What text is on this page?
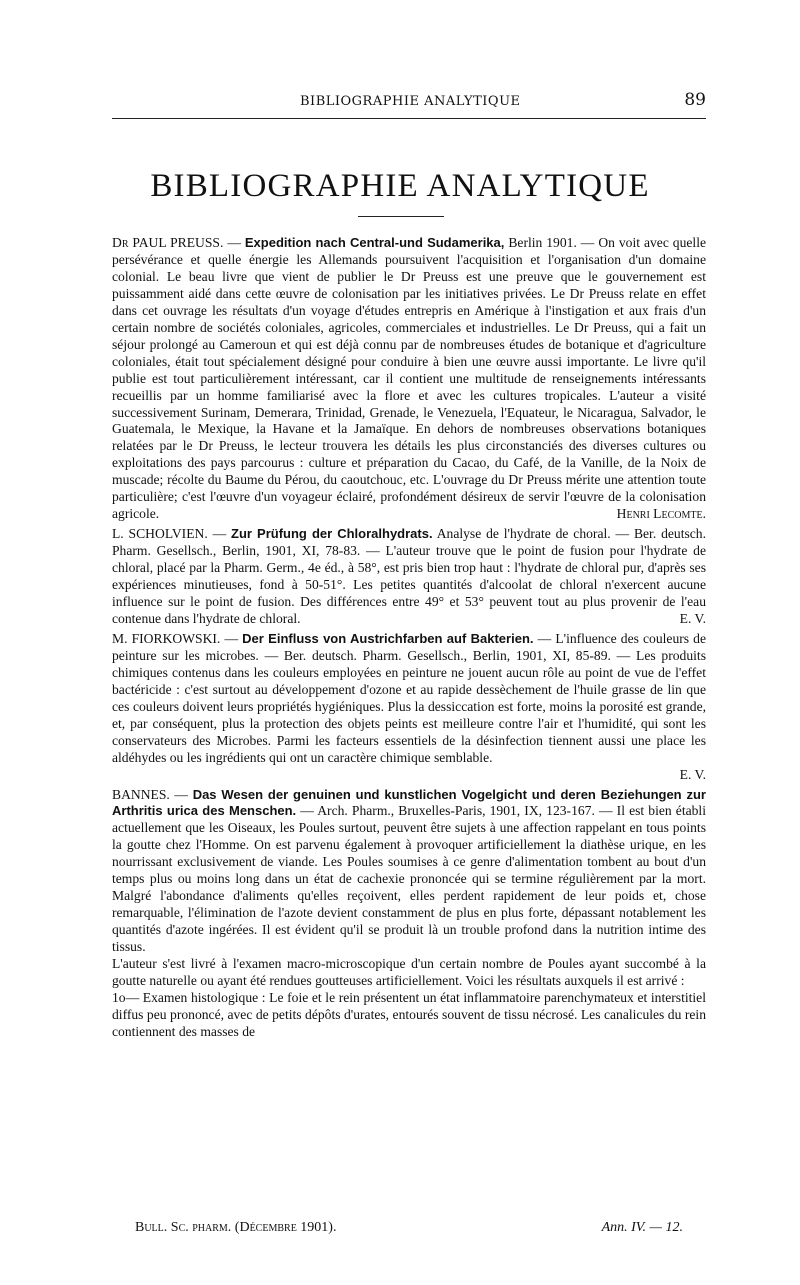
BIBLIOGRAPHIE ANALYTIQUE	89
BIBLIOGRAPHIE ANALYTIQUE

Dr PAUL PREUSS. — Expedition nach Central-und Sudamerika, Berlin 1901. — On voit avec quelle persévérance et quelle énergie les Allemands poursuivent l'acquisition et l'organisation d'un domaine colonial. Le beau livre que vient de publier le Dr Preuss est une preuve que le gouvernement est puissamment aidé dans cette œuvre de colonisation par les initiatives privées. Le Dr Preuss relate en effet dans cet ouvrage les résultats d'un voyage d'études entrepris en Amérique à l'instigation et aux frais d'un certain nombre de sociétés coloniales, agricoles, commerciales et industrielles. Le Dr Preuss, qui a fait un séjour prolongé au Cameroun et qui est déjà connu par de nombreuses études de botanique et d'agriculture coloniales, était tout spécialement désigné pour conduire à bien une œuvre aussi importante. Le livre qu'il publie est tout particulièrement intéressant, car il contient une multitude de renseignements intéressants recueillis par un homme familiarisé avec la flore et avec les cultures tropicales. L'auteur a visité successivement Surinam, Demerara, Trinidad, Grenade, le Venezuela, l'Equateur, le Nicaragua, Salvador, le Guatemala, le Mexique, la Havane et la Jamaïque. En dehors de nombreuses observations botaniques relatées par le Dr Preuss, le lecteur trouvera les détails les plus circonstanciés des diverses cultures ou exploitations des pays parcourus : culture et préparation du Cacao, du Café, de la Vanille, de la Noix de muscade; récolte du Baume du Pérou, du caoutchouc, etc. L'ouvrage du Dr Preuss mérite une attention toute particulière; c'est l'œuvre d'un voyageur éclairé, profondément désireux de servir l'œuvre de la colonisation agricole.	Henri Lecomte.

L. SCHOLVIEN. — Zur Prüfung der Chloralhydrats. Analyse de l'hydrate de choral. — Ber. deutsch. Pharm. Gesellsch., Berlin, 1901, XI, 78-83. — L'auteur trouve que le point de fusion pour l'hydrate de chloral, placé par la Pharm. Germ., 4e éd., à 58°, est pris bien trop haut : l'hydrate de chloral pur, d'après ses expériences minutieuses, fond à 50-51°. Les petites quantités d'alcoolat de chloral n'exercent aucune influence sur le point de fusion. Des différences entre 49° et 53° peuvent tout au plus provenir de l'eau contenue dans l'hydrate de chloral.	E. V.

M. FIORKOWSKI. — Der Einfluss von Austrichfarben auf Bakterien. — L'influence des couleurs de peinture sur les microbes. — Ber. deutsch. Pharm. Gesellsch., Berlin, 1901, XI, 85-89. — Les produits chimiques contenus dans les couleurs employées en peinture ne jouent aucun rôle au point de vue de l'effet bactéricide : c'est surtout au développement d'ozone et au rapide dessèchement de l'huile grasse de lin que ces couleurs doivent leurs propriétés hygiéniques. Plus la dessiccation est forte, moins la porosité est grande, et, par conséquent, plus la protection des objets peints est meilleure contre l'air et l'humidité, qui sont les conservateurs des Microbes. Parmi les facteurs essentiels de la désinfection tiennent aussi une place les aldéhydes ou les ingrédients qui ont un caractère chimique semblable.

E. V.

BANNES. — Das Wesen der genuinen und kunstlichen Vogelgicht und deren Beziehungen zur Arthritis urica des Menschen. — Arch. Pharm., Bruxelles-Paris, 1901, IX, 123-167. — Il est bien établi actuellement que les Oiseaux, les Poules surtout, peuvent être sujets à une affection rappelant en tous points la goutte chez l'Homme. On est parvenu également à provoquer artificiellement la diathèse urique, en les nourrissant exclusivement de viande. Les Poules soumises à ce genre d'alimentation tombent au bout d'un temps plus ou moins long dans un état de cachexie prononcée qui se termine régulièrement par la mort. Malgré l'abondance d'aliments qu'elles reçoivent, elles perdent rapidement de leur poids et, chose remarquable, l'élimination de l'azote devient constamment de plus en plus forte, dépassant notablement les quantités d'azote ingérées. Il est évident qu'il se produit là un trouble profond dans la nutrition intime des tissus.

L'auteur s'est livré à l'examen macro-microscopique d'un certain nombre de Poules ayant succombé à la goutte naturelle ou ayant été rendues goutteuses artificiellement. Voici les résultats auxquels il est arrivé :

1o— Examen histologique : Le foie et le rein présentent un état inflammatoire parenchymateux et interstitiel diffus peu prononcé, avec de petits dépôts d'urates, entourés souvent de tissu nécrosé. Les canalicules du rein contiennent des masses de

Bull. Sc. pharm. (Décembre 1901).	Ann. IV. — 12.
